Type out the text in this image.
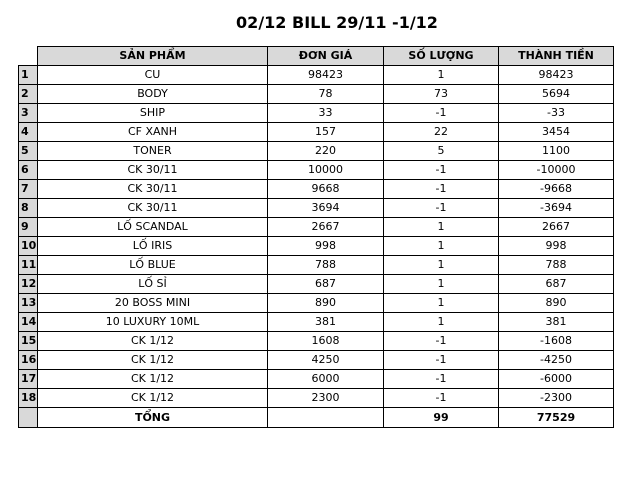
02/12 BILL 29/11 -1/12
	SẢN PHẨM	ĐƠN GIÁ	SỐ LƯỢNG	THÀNH TIỀN
1	CU	98423	1	98423
2	BODY	78	73	5694
3	SHIP	33	-1	-33
4	CF XANH	157	22	3454
5	TONER	220	5	1100
6	CK 30/11	10000	-1	-10000
7	CK 30/11	9668	-1	-9668
8	CK 30/11	3694	-1	-3694
9	LỐ SCANDAL	2667	1	2667
10	LỐ IRIS	998	1	998
11	LỐ BLUE	788	1	788
12	LỐ SỈ	687	1	687
13	20 BOSS MINI	890	1	890
14	10 LUXURY 10ML	381	1	381
15	CK 1/12	1608	-1	-1608
16	CK 1/12	4250	-1	-4250
17	CK 1/12	6000	-1	-6000
18	CK 1/12	2300	-1	-2300
	TỔNG		99	77529
